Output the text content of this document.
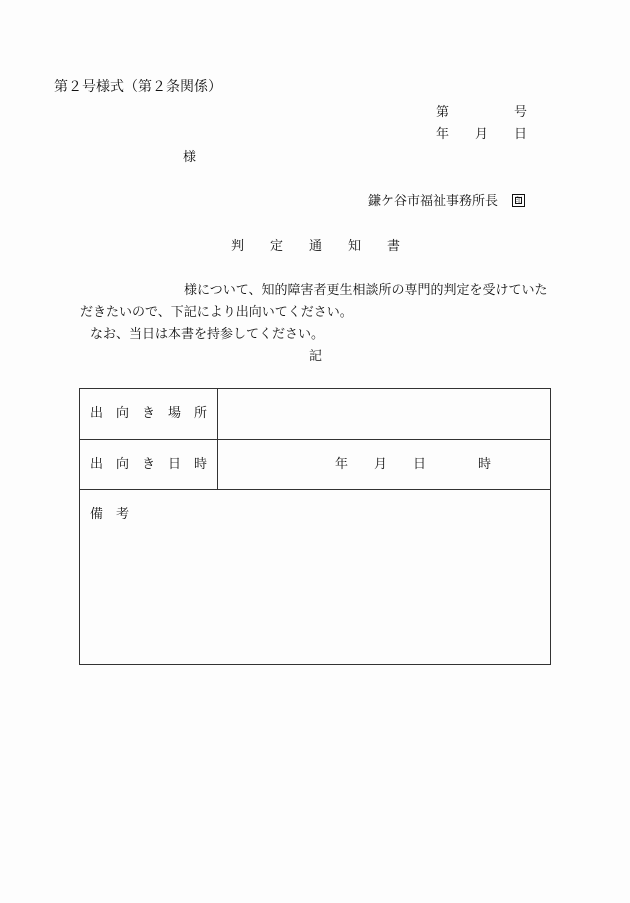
第２号様式（第２条関係）
第	号
年 月 日
様
鎌ケ谷市福祉事務所長	印
判 定 通 知 書
様について、知的障害者更生相談所の専門的判定を受けていた
だきたいので、下記により出向いてください。
なお、当日は本書を持参してください。
記
出 向 き 場 所
出 向 き 日 時	年 月 日	時
備 考
